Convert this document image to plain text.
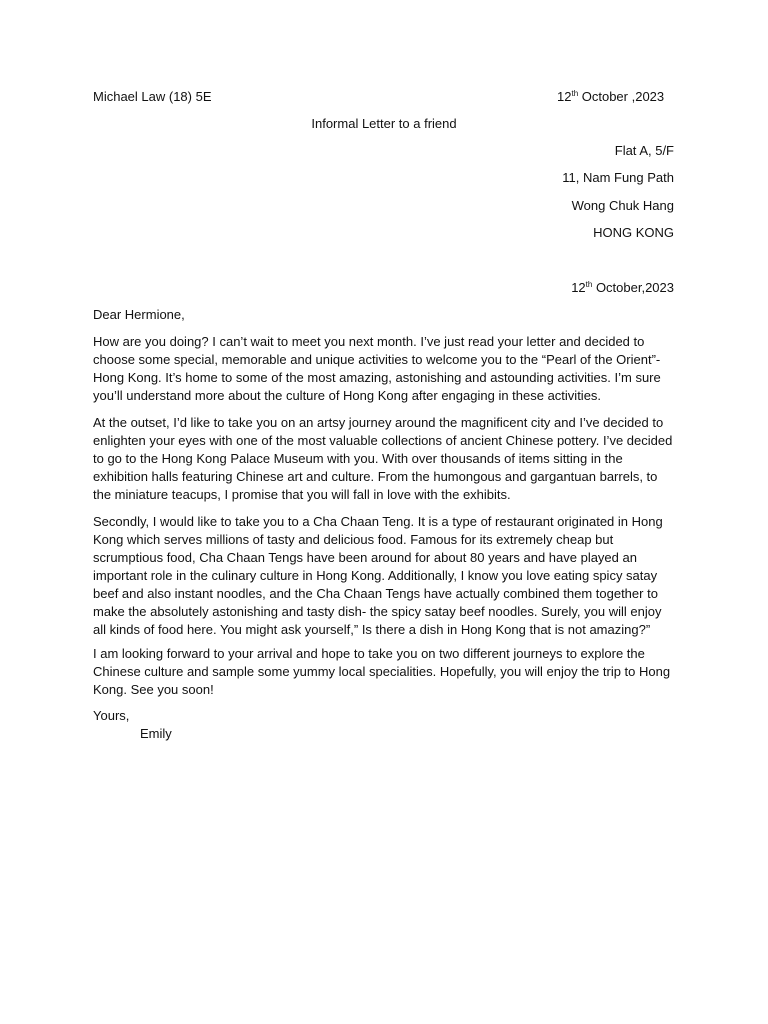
Michael Law (18) 5E	12th October ,2023
Informal Letter to a friend
Flat A, 5/F
11, Nam Fung Path
Wong Chuk Hang
HONG KONG
12th October,2023
Dear Hermione,

How are you doing? I can’t wait to meet you next month. I’ve just read your letter and decided to choose some special, memorable and unique activities to welcome you to the “Pearl of the Orient”-Hong Kong. It’s home to some of the most amazing, astonishing and astounding activities. I’m sure you’ll understand more about the culture of Hong Kong after engaging in these activities.

At the outset, I’d like to take you on an artsy journey around the magnificent city and I’ve decided to enlighten your eyes with one of the most valuable collections of ancient Chinese pottery. I’ve decided to go to the Hong Kong Palace Museum with you. With over thousands of items sitting in the exhibition halls featuring Chinese art and culture. From the humongous and gargantuan barrels, to the miniature teacups, I promise that you will fall in love with the exhibits.

Secondly, I would like to take you to a Cha Chaan Teng. It is a type of restaurant originated in Hong Kong which serves millions of tasty and delicious food. Famous for its extremely cheap but scrumptious food, Cha Chaan Tengs have been around for about 80 years and have played an important role in the culinary culture in Hong Kong. Additionally, I know you love eating spicy satay beef and also instant noodles, and the Cha Chaan Tengs have actually combined them together to make the absolutely astonishing and tasty dish- the spicy satay beef noodles. Surely, you will enjoy all kinds of food here. You might ask yourself,” Is there a dish in Hong Kong that is not amazing?”

I am looking forward to your arrival and hope to take you on two different journeys to explore the Chinese culture and sample some yummy local specialities. Hopefully, you will enjoy the trip to Hong Kong. See you soon!

Yours,
Emily
